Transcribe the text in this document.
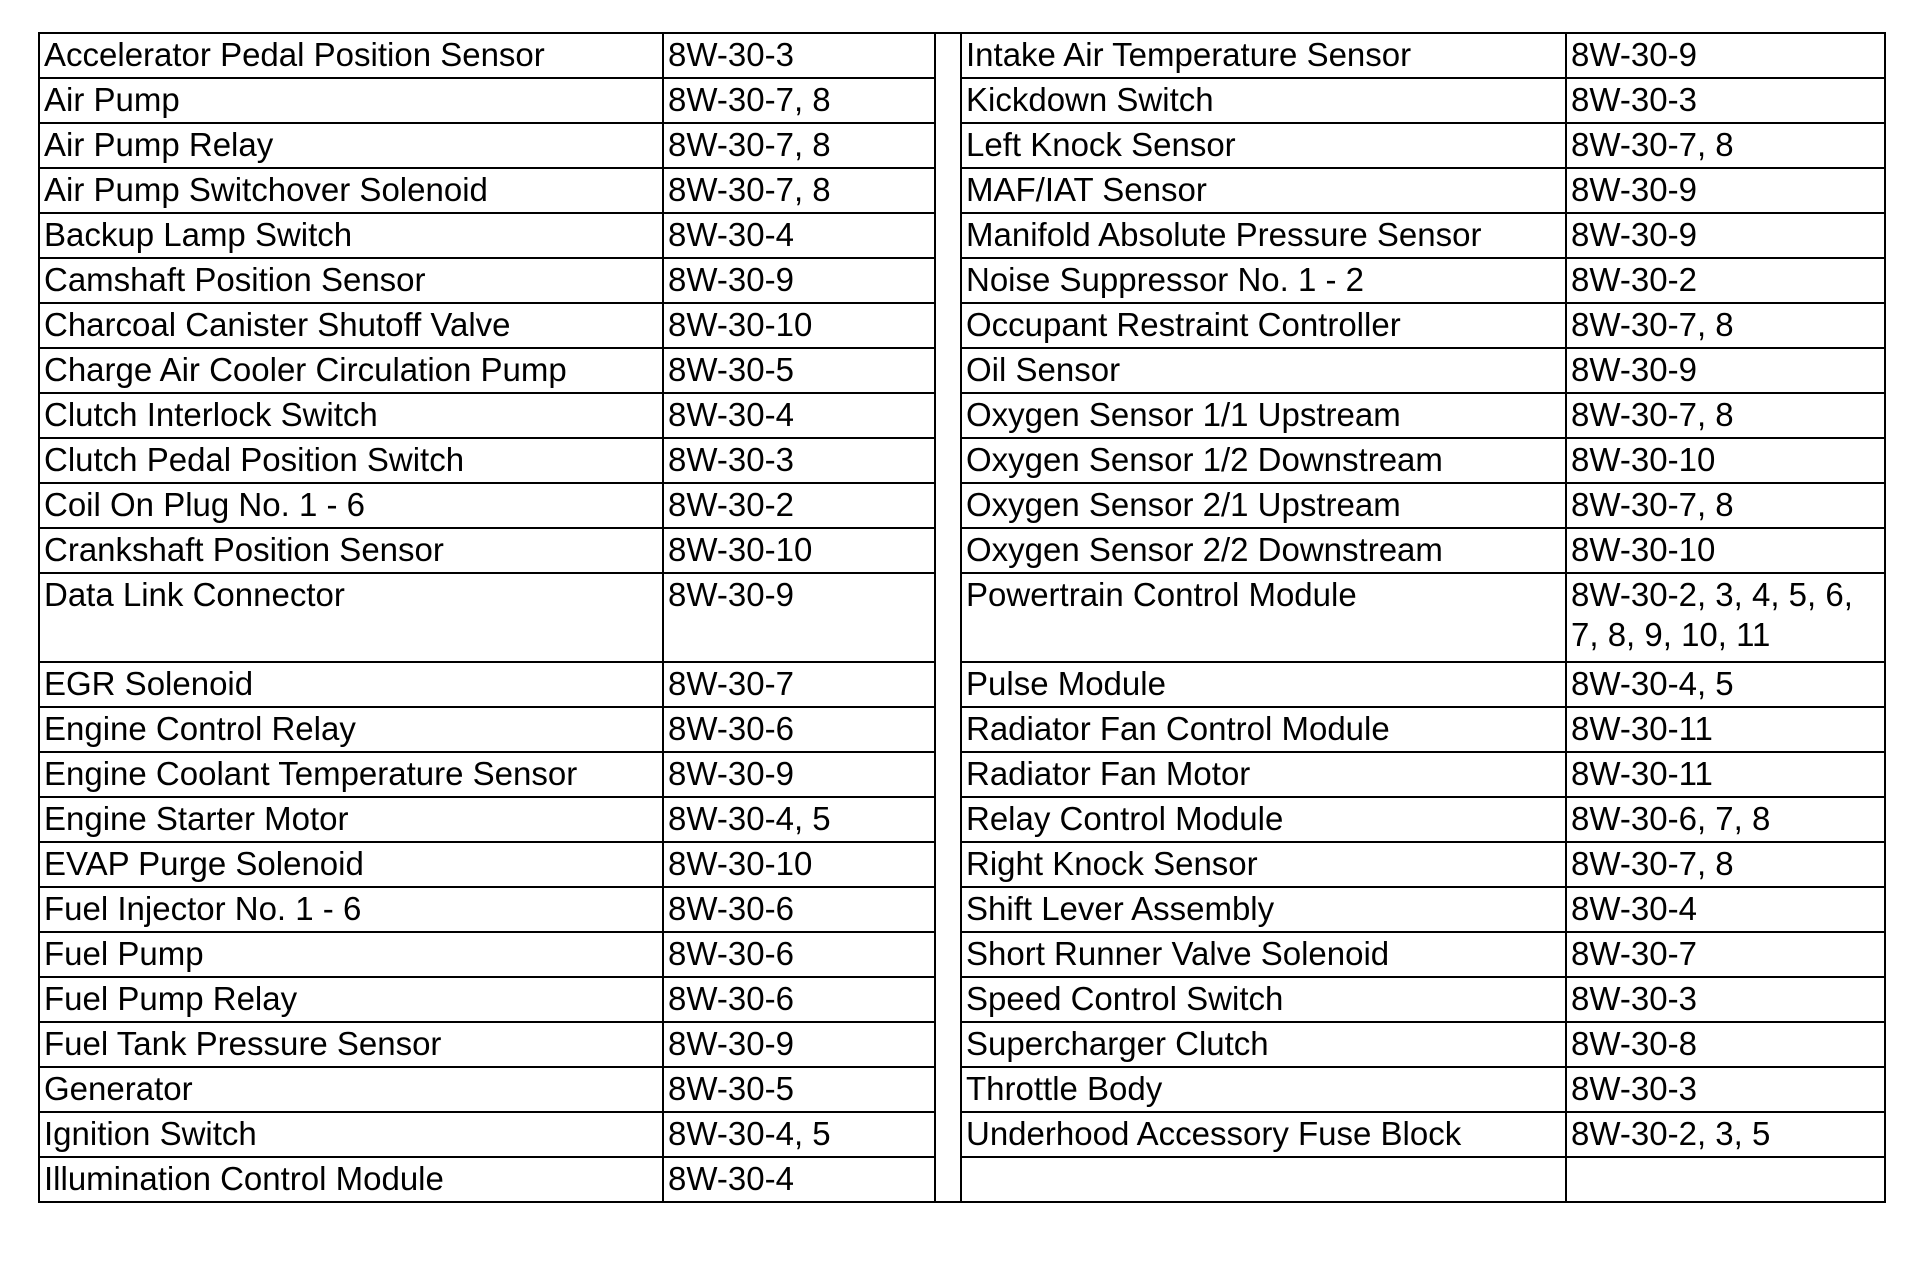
Accelerator Pedal Position Sensor	8W-30-3		Intake Air Temperature Sensor	8W-30-9
Air Pump	8W-30-7, 8		Kickdown Switch	8W-30-3
Air Pump Relay	8W-30-7, 8		Left Knock Sensor	8W-30-7, 8
Air Pump Switchover Solenoid	8W-30-7, 8		MAF/IAT Sensor	8W-30-9
Backup Lamp Switch	8W-30-4		Manifold Absolute Pressure Sensor	8W-30-9
Camshaft Position Sensor	8W-30-9		Noise Suppressor No. 1 - 2	8W-30-2
Charcoal Canister Shutoff Valve	8W-30-10		Occupant Restraint Controller	8W-30-7, 8
Charge Air Cooler Circulation Pump	8W-30-5		Oil Sensor	8W-30-9
Clutch Interlock Switch	8W-30-4		Oxygen Sensor 1/1 Upstream	8W-30-7, 8
Clutch Pedal Position Switch	8W-30-3		Oxygen Sensor 1/2 Downstream	8W-30-10
Coil On Plug No. 1 - 6	8W-30-2		Oxygen Sensor 2/1 Upstream	8W-30-7, 8
Crankshaft Position Sensor	8W-30-10		Oxygen Sensor 2/2 Downstream	8W-30-10
Data Link Connector	8W-30-9		Powertrain Control Module	8W-30-2, 3, 4, 5, 6, 7, 8, 9, 10, 11
EGR Solenoid	8W-30-7		Pulse Module	8W-30-4, 5
Engine Control Relay	8W-30-6		Radiator Fan Control Module	8W-30-11
Engine Coolant Temperature Sensor	8W-30-9		Radiator Fan Motor	8W-30-11
Engine Starter Motor	8W-30-4, 5		Relay Control Module	8W-30-6, 7, 8
EVAP Purge Solenoid	8W-30-10		Right Knock Sensor	8W-30-7, 8
Fuel Injector No. 1 - 6	8W-30-6		Shift Lever Assembly	8W-30-4
Fuel Pump	8W-30-6		Short Runner Valve Solenoid	8W-30-7
Fuel Pump Relay	8W-30-6		Speed Control Switch	8W-30-3
Fuel Tank Pressure Sensor	8W-30-9		Supercharger Clutch	8W-30-8
Generator	8W-30-5		Throttle Body	8W-30-3
Ignition Switch	8W-30-4, 5		Underhood Accessory Fuse Block	8W-30-2, 3, 5
Illumination Control Module	8W-30-4			
